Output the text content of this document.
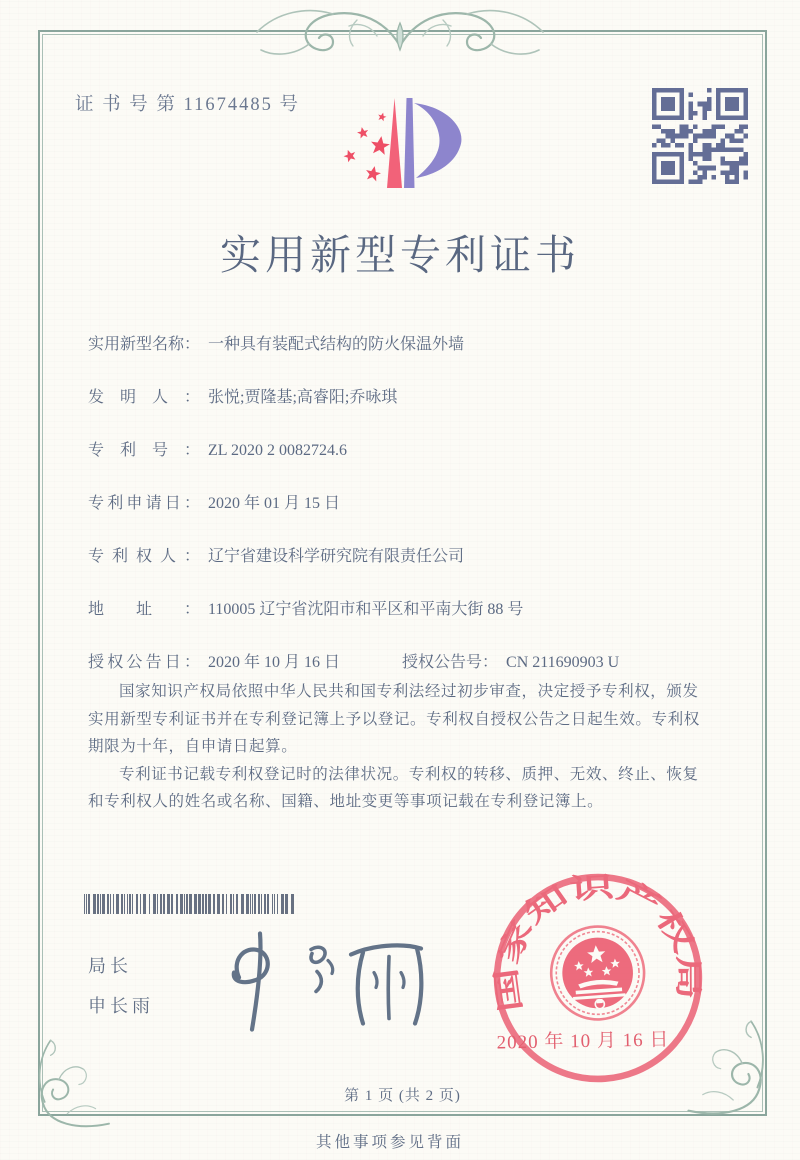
证 书 号 第 11674485 号
实用新型专利证书
实用新型名称： 一种具有装配式结构的防火保温外墙
发明人： 张悦;贾隆基;高睿阳;乔咏琪
专利号： ZL 2020 2 0082724.6
专利申请日： 2020 年 01 月 15 日
专利权人： 辽宁省建设科学研究院有限责任公司
地址： 110005 辽宁省沈阳市和平区和平南大街 88 号
授权公告日： 2020 年 10 月 16 日	授权公告号： CN 211690903 U

国家知识产权局依照中华人民共和国专利法经过初步审查，决定授予专利权，颁发实用新型专利证书并在专利登记簿上予以登记。专利权自授权公告之日起生效。专利权期限为十年，自申请日起算。

专利证书记载专利权登记时的法律状况。专利权的转移、质押、无效、终止、恢复和专利权人的姓名或名称、国籍、地址变更等事项记载在专利登记簿上。

局长
申长雨	国家知识产权局
2020 年 10 月 16 日
第 1 页 (共 2 页)
其他事项参见背面
